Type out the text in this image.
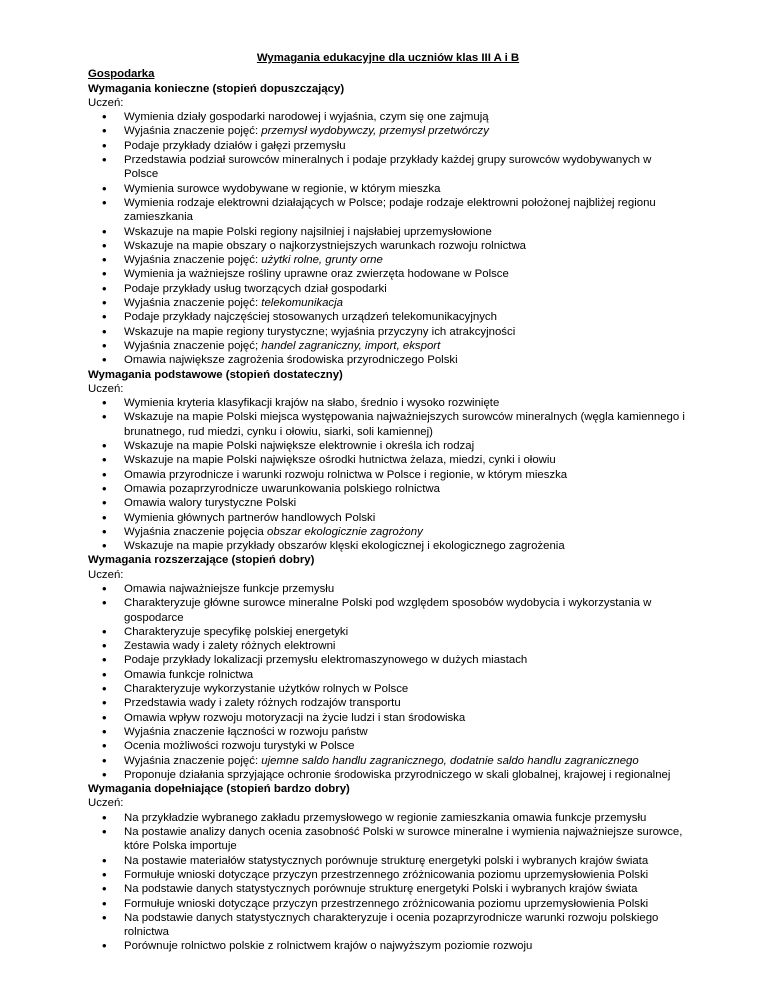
Wymagania edukacyjne dla uczniów klas III A i B
Gospodarka
Wymagania konieczne (stopień dopuszczający)
Uczeń:
• Wymienia działy gospodarki narodowej i wyjaśnia, czym się one zajmują
• Wyjaśnia znaczenie pojęć: przemysł wydobywczy, przemysł przetwórczy
• Podaje przykłady działów i gałęzi przemysłu
• Przedstawia podział surowców mineralnych i podaje przykłady każdej grupy surowców wydobywanych w Polsce
• Wymienia surowce wydobywane w regionie, w którym mieszka
• Wymienia rodzaje elektrowni działających w Polsce; podaje rodzaje elektrowni położonej najbliżej regionu zamieszkania
• Wskazuje na mapie Polski regiony najsilniej i najsłabiej uprzemysłowione
• Wskazuje na mapie obszary o najkorzystniejszych warunkach rozwoju rolnictwa
• Wyjaśnia znaczenie pojęć: użytki rolne, grunty orne
• Wymienia ja ważniejsze rośliny uprawne oraz zwierzęta hodowane w Polsce
• Podaje przykłady usług tworzących dział gospodarki
• Wyjaśnia znaczenie pojęć: telekomunikacja
• Podaje przykłady najczęściej stosowanych urządzeń telekomunikacyjnych
• Wskazuje na mapie regiony turystyczne; wyjaśnia przyczyny ich atrakcyjności
• Wyjaśnia znaczenie pojęć; handel zagraniczny, import, eksport
• Omawia największe zagrożenia środowiska przyrodniczego Polski
Wymagania podstawowe (stopień dostateczny)
Uczeń:
• Wymienia kryteria klasyfikacji krajów na słabo, średnio i wysoko rozwinięte
• Wskazuje na mapie Polski miejsca występowania najważniejszych surowców mineralnych (węgla kamiennego i brunatnego, rud miedzi, cynku i ołowiu, siarki, soli kamiennej)
• Wskazuje na mapie Polski największe elektrownie i określa ich rodzaj
• Wskazuje na mapie Polski największe ośrodki hutnictwa żelaza, miedzi, cynki i ołowiu
• Omawia przyrodnicze i warunki rozwoju rolnictwa w Polsce i regionie, w którym mieszka
• Omawia pozaprzyrodnicze uwarunkowania polskiego rolnictwa
• Omawia walory turystyczne Polski
• Wymienia głównych partnerów handlowych Polski
• Wyjaśnia znaczenie pojęcia obszar ekologicznie zagrożony
• Wskazuje na mapie przykłady obszarów klęski ekologicznej i ekologicznego zagrożenia
Wymagania rozszerzające (stopień dobry)
Uczeń:
• Omawia najważniejsze funkcje przemysłu
• Charakteryzuje główne surowce mineralne Polski pod względem sposobów wydobycia i wykorzystania w gospodarce
• Charakteryzuje specyfikę polskiej energetyki
• Zestawia wady i zalety różnych elektrowni
• Podaje przykłady lokalizacji przemysłu elektromaszynowego w dużych miastach
• Omawia funkcje rolnictwa
• Charakteryzuje wykorzystanie użytków rolnych w Polsce
• Przedstawia wady i zalety różnych rodzajów transportu
• Omawia wpływ rozwoju motoryzacji na życie ludzi i stan środowiska
• Wyjaśnia znaczenie łączności w rozwoju państw
• Ocenia możliwości rozwoju turystyki w Polsce
• Wyjaśnia znaczenie pojęć: ujemne saldo handlu zagranicznego, dodatnie saldo handlu zagranicznego
• Proponuje działania sprzyjające ochronie środowiska przyrodniczego w skali globalnej, krajowej i regionalnej
Wymagania dopełniające (stopień bardzo dobry)
Uczeń:
• Na przykładzie wybranego zakładu przemysłowego w regionie zamieszkania omawia funkcje przemysłu
• Na postawie analizy danych ocenia zasobność Polski w surowce mineralne i wymienia najważniejsze surowce, które Polska importuje
• Na postawie materiałów statystycznych porównuje strukturę energetyki polski i wybranych krajów świata
• Formułuje wnioski dotyczące przyczyn przestrzennego zróżnicowania poziomu uprzemysłowienia Polski
• Na podstawie danych statystycznych porównuje strukturę energetyki Polski i wybranych krajów świata
• Formułuje wnioski dotyczące przyczyn przestrzennego zróżnicowania poziomu uprzemysłowienia Polski
• Na podstawie danych statystycznych charakteryzuje i ocenia pozaprzyrodnicze warunki rozwoju polskiego rolnictwa
• Porównuje rolnictwo polskie z rolnictwem krajów o najwyższym poziomie rozwoju
